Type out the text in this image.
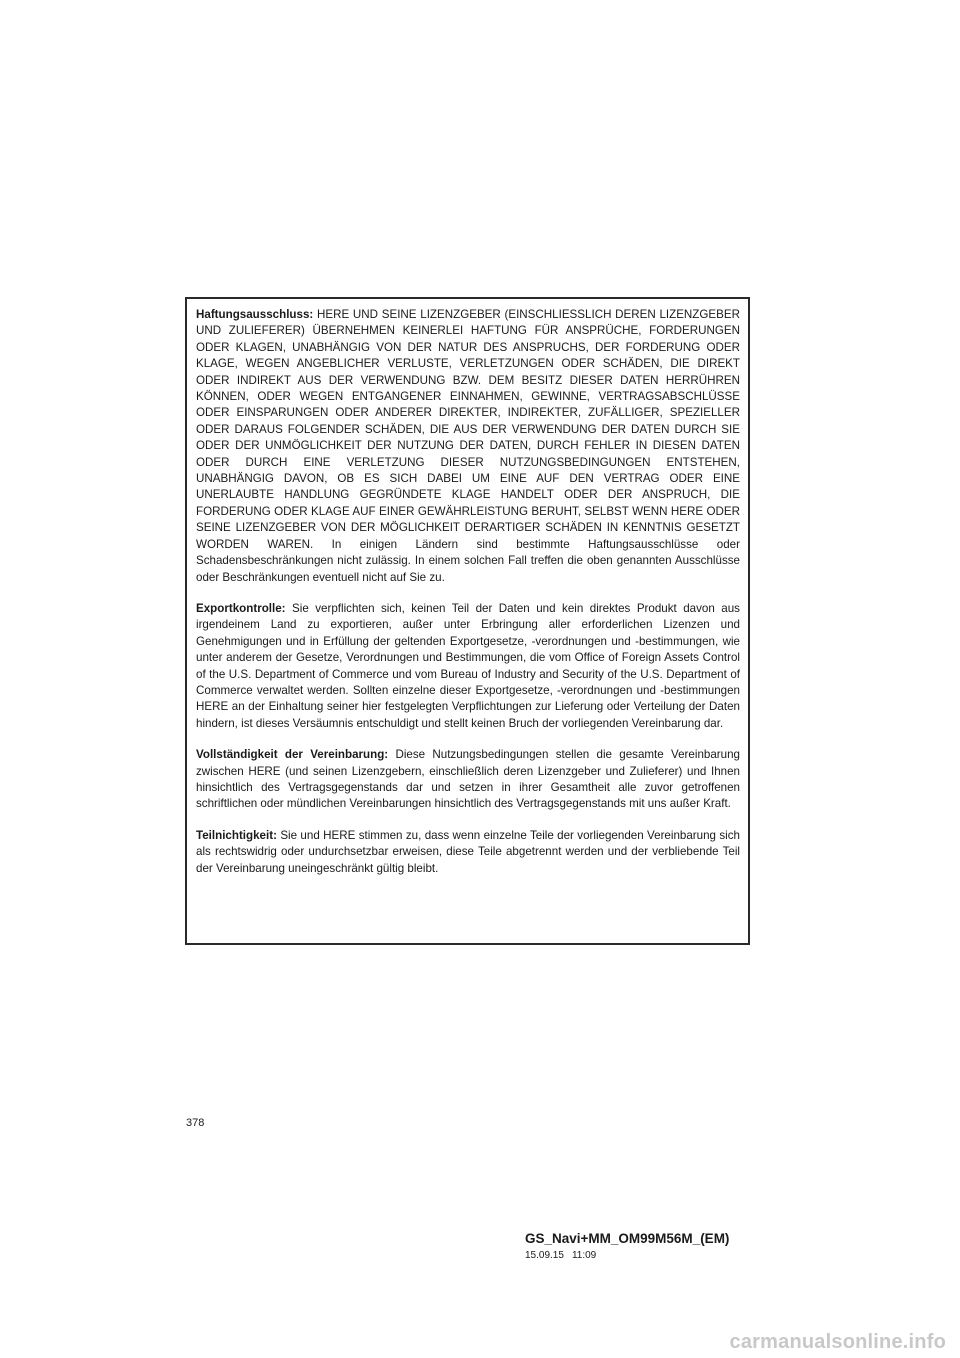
Haftungsausschluss: HERE UND SEINE LIZENZGEBER (EINSCHLIESSLICH DEREN LIZENZGEBER UND ZULIEFERER) ÜBERNEHMEN KEINERLEI HAFTUNG FÜR ANSPRÜCHE, FORDERUNGEN ODER KLAGEN, UNABHÄNGIG VON DER NATUR DES ANSPRUCHS, DER FORDERUNG ODER KLAGE, WEGEN ANGEBLICHER VERLUSTE, VERLETZUNGEN ODER SCHÄDEN, DIE DIREKT ODER INDIREKT AUS DER VERWENDUNG BZW. DEM BESITZ DIESER DATEN HERRÜHREN KÖNNEN, ODER WEGEN ENTGANGENER EINNAHMEN, GEWINNE, VERTRAGSABSCHLÜSSE ODER EINSPARUNGEN ODER ANDERER DIREKTER, INDIREKTER, ZUFÄLLIGER, SPEZIELLER ODER DARAUS FOLGENDER SCHÄDEN, DIE AUS DER VERWENDUNG DER DATEN DURCH SIE ODER DER UNMÖGLICHKEIT DER NUTZUNG DER DATEN, DURCH FEHLER IN DIESEN DATEN ODER DURCH EINE VERLETZUNG DIESER NUTZUNGSBEDINGUNGEN ENTSTEHEN, UNABHÄNGIG DAVON, OB ES SICH DABEI UM EINE AUF DEN VERTRAG ODER EINE UNERLAUBTE HANDLUNG GEGRÜNDETE KLAGE HANDELT ODER DER ANSPRUCH, DIE FORDERUNG ODER KLAGE AUF EINER GEWÄHRLEISTUNG BERUHT, SELBST WENN HERE ODER SEINE LIZENZGEBER VON DER MÖGLICHKEIT DERARTIGER SCHÄDEN IN KENNTNIS GESETZT WORDEN WAREN. In einigen Ländern sind bestimmte Haftungsausschlüsse oder Schadensbeschränkungen nicht zulässig. In einem solchen Fall treffen die oben genannten Ausschlüsse oder Beschränkungen eventuell nicht auf Sie zu.

Exportkontrolle: Sie verpflichten sich, keinen Teil der Daten und kein direktes Produkt davon aus irgendeinem Land zu exportieren, außer unter Erbringung aller erforderlichen Lizenzen und Genehmigungen und in Erfüllung der geltenden Exportgesetze, -verordnungen und -bestimmungen, wie unter anderem der Gesetze, Verordnungen und Bestimmungen, die vom Office of Foreign Assets Control of the U.S. Department of Commerce und vom Bureau of Industry and Security of the U.S. Department of Commerce verwaltet werden. Sollten einzelne dieser Exportgesetze, -verordnungen und -bestimmungen HERE an der Einhaltung seiner hier festgelegten Verpflichtungen zur Lieferung oder Verteilung der Daten hindern, ist dieses Versäumnis entschuldigt und stellt keinen Bruch der vorliegenden Vereinbarung dar.

Vollständigkeit der Vereinbarung: Diese Nutzungsbedingungen stellen die gesamte Vereinbarung zwischen HERE (und seinen Lizenzgebern, einschließlich deren Lizenzgeber und Zulieferer) und Ihnen hinsichtlich des Vertragsgegenstands dar und setzen in ihrer Gesamtheit alle zuvor getroffenen schriftlichen oder mündlichen Vereinbarungen hinsichtlich des Vertragsgegenstands mit uns außer Kraft.

Teilnichtigkeit: Sie und HERE stimmen zu, dass wenn einzelne Teile der vorliegenden Vereinbarung sich als rechtswidrig oder undurchsetzbar erweisen, diese Teile abgetrennt werden und der verbliebende Teil der Vereinbarung uneingeschränkt gültig bleibt.

378
GS_Navi+MM_OM99M56M_(EM)
15.09.15 11:09
carmanualsonline.info
